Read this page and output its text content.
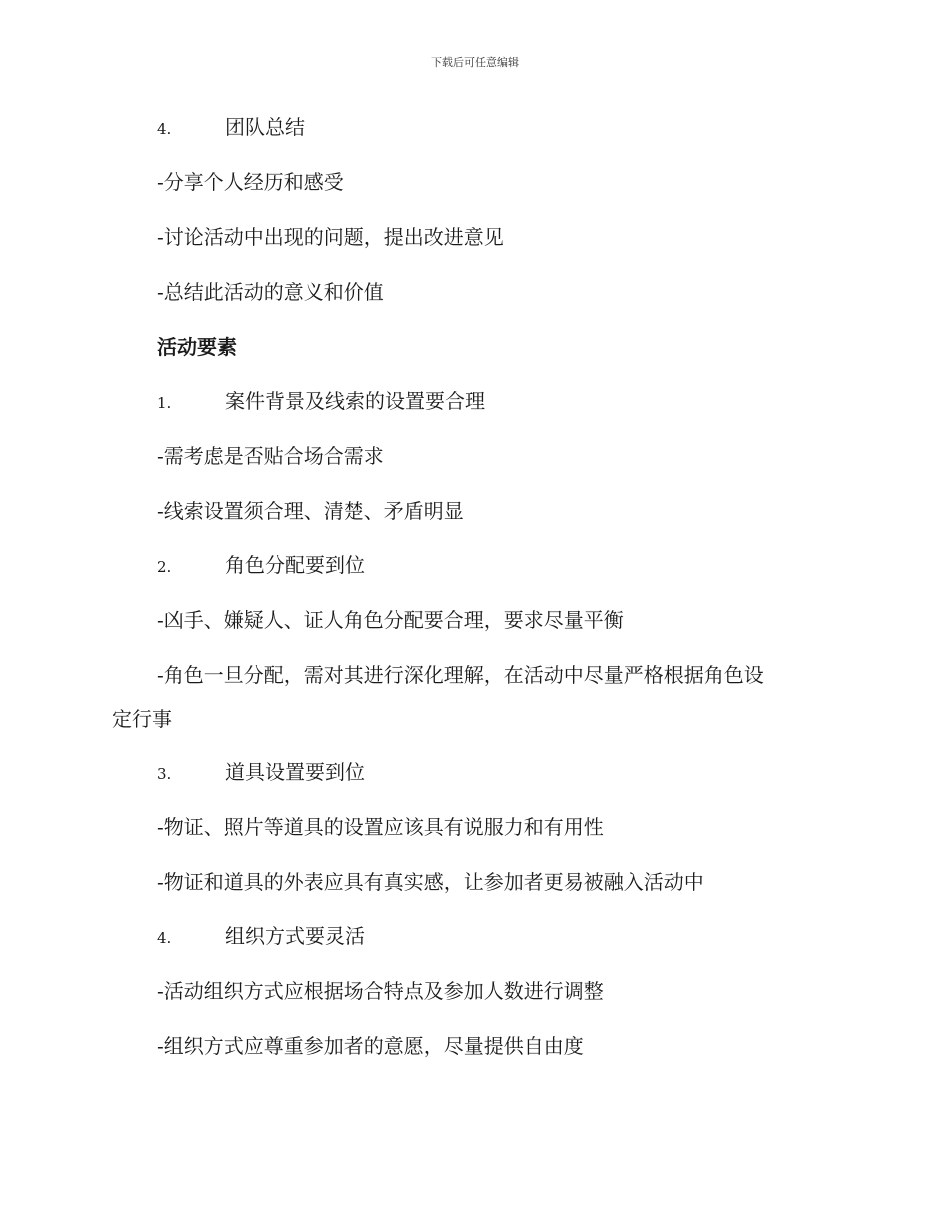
下载后可任意编辑
4.	团队总结
-分享个人经历和感受
-讨论活动中出现的问题，提出改进意见
-总结此活动的意义和价值
活动要素
1.	案件背景及线索的设置要合理
-需考虑是否贴合场合需求
-线索设置须合理、清楚、矛盾明显
2.	角色分配要到位
-凶手、嫌疑人、证人角色分配要合理，要求尽量平衡
-角色一旦分配，需对其进行深化理解，在活动中尽量严格根据角色设
定行事
3.	道具设置要到位
-物证、照片等道具的设置应该具有说服力和有用性
-物证和道具的外表应具有真实感，让参加者更易被融入活动中
4.	组织方式要灵活
-活动组织方式应根据场合特点及参加人数进行调整
-组织方式应尊重参加者的意愿，尽量提供自由度
